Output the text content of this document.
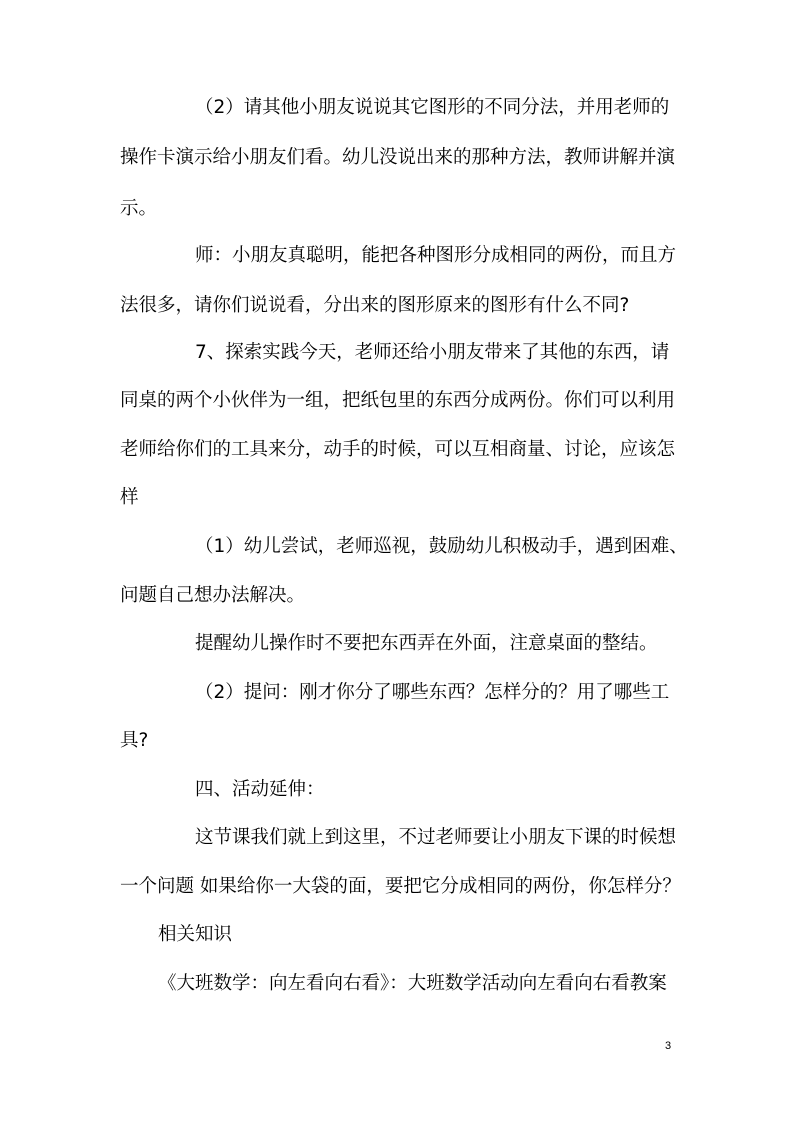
（2）请其他小朋友说说其它图形的不同分法，并用老师的
操作卡演示给小朋友们看。幼儿没说出来的那种方法，教师讲解并演
示。
师：小朋友真聪明，能把各种图形分成相同的两份，而且方
法很多，请你们说说看，分出来的图形原来的图形有什么不同?
7、探索实践今天，老师还给小朋友带来了其他的东西，请
同桌的两个小伙伴为一组，把纸包里的东西分成两份。你们可以利用
老师给你们的工具来分，动手的时候，可以互相商量、讨论，应该怎
样
（1）幼儿尝试，老师巡视，鼓励幼儿积极动手，遇到困难、
问题自己想办法解决。
提醒幼儿操作时不要把东西弄在外面，注意桌面的整结。
（2）提问：刚才你分了哪些东西？怎样分的？用了哪些工
具?
四、活动延伸：
这节课我们就上到这里，不过老师要让小朋友下课的时候想
一个问题 如果给你一大袋的面，要把它分成相同的两份，你怎样分？
相关知识
《大班数学：向左看向右看》：大班数学活动向左看向右看教案
3
